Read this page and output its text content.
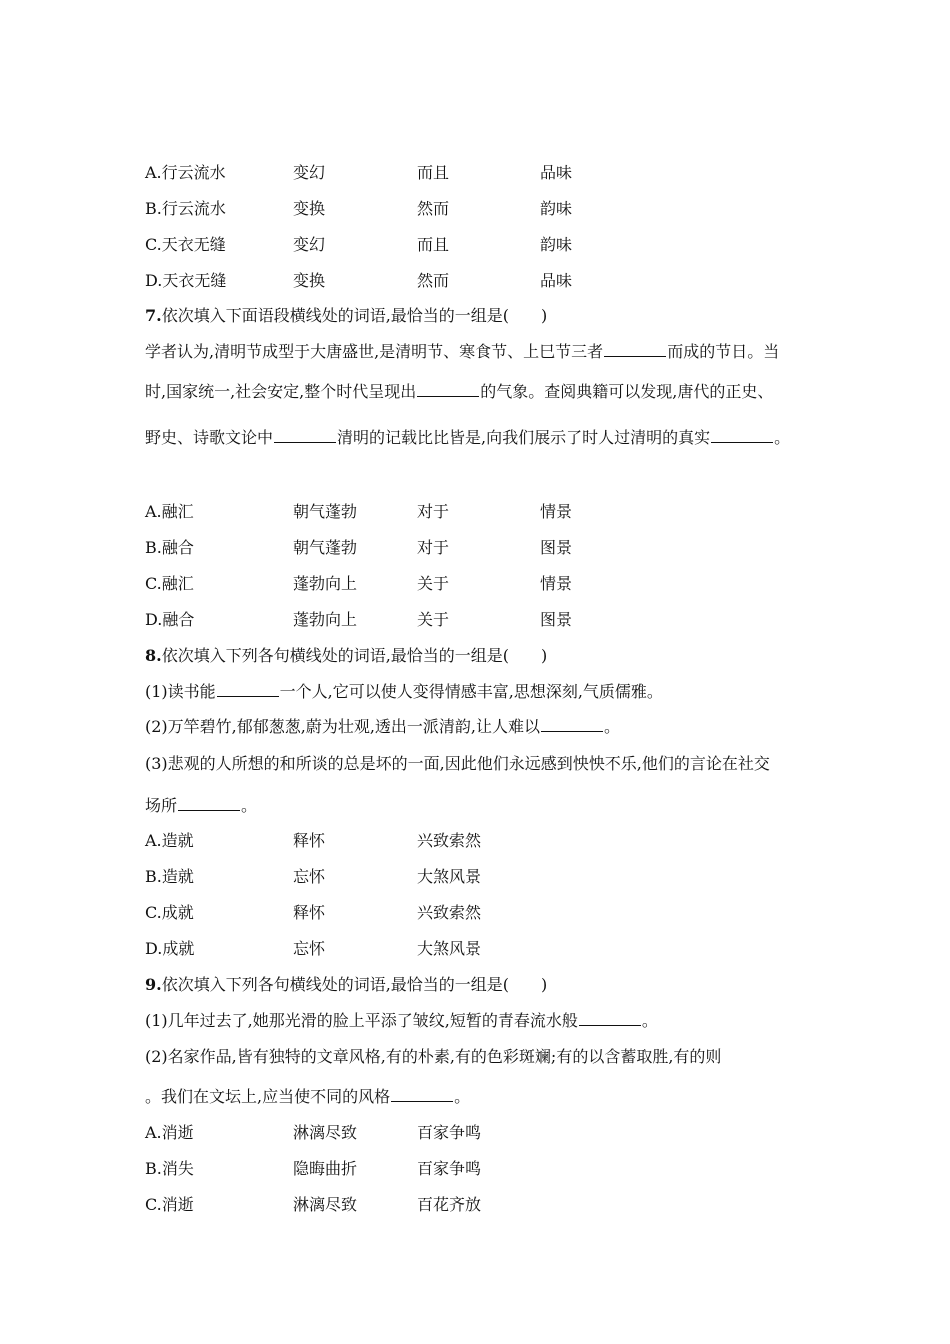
A.行云流水	变幻	而且	品味
B.行云流水	变换	然而	韵味
C.天衣无缝	变幻	而且	韵味
D.天衣无缝	变换	然而	品味
7.依次填入下面语段横线处的词语,最恰当的一组是(　　)
学者认为,清明节成型于大唐盛世,是清明节、寒食节、上巳节三者	而成的节日。当
时,国家统一,社会安定,整个时代呈现出	的气象。查阅典籍可以发现,唐代的正史、
野史、诗歌文论中	清明的记载比比皆是,向我们展示了时人过清明的真实	。
A.融汇	朝气蓬勃	对于	情景
B.融合	朝气蓬勃	对于	图景
C.融汇	蓬勃向上	关于	情景
D.融合	蓬勃向上	关于	图景
8.依次填入下列各句横线处的词语,最恰当的一组是(　　)
(1)读书能	一个人,它可以使人变得情感丰富,思想深刻,气质儒雅。
(2)万竿碧竹,郁郁葱葱,蔚为壮观,透出一派清韵,让人难以	。
(3)悲观的人所想的和所谈的总是坏的一面,因此他们永远感到怏怏不乐,他们的言论在社交
场所	。
A.造就	释怀	兴致索然
B.造就	忘怀	大煞风景
C.成就	释怀	兴致索然
D.成就	忘怀	大煞风景
9.依次填入下列各句横线处的词语,最恰当的一组是(　　)
(1)几年过去了,她那光滑的脸上平添了皱纹,短暂的青春流水般	。
(2)名家作品,皆有独特的文章风格,有的朴素,有的色彩斑斓;有的以含蓄取胜,有的则
。我们在文坛上,应当使不同的风格	。
A.消逝	淋漓尽致	百家争鸣
B.消失	隐晦曲折	百家争鸣
C.消逝	淋漓尽致	百花齐放
